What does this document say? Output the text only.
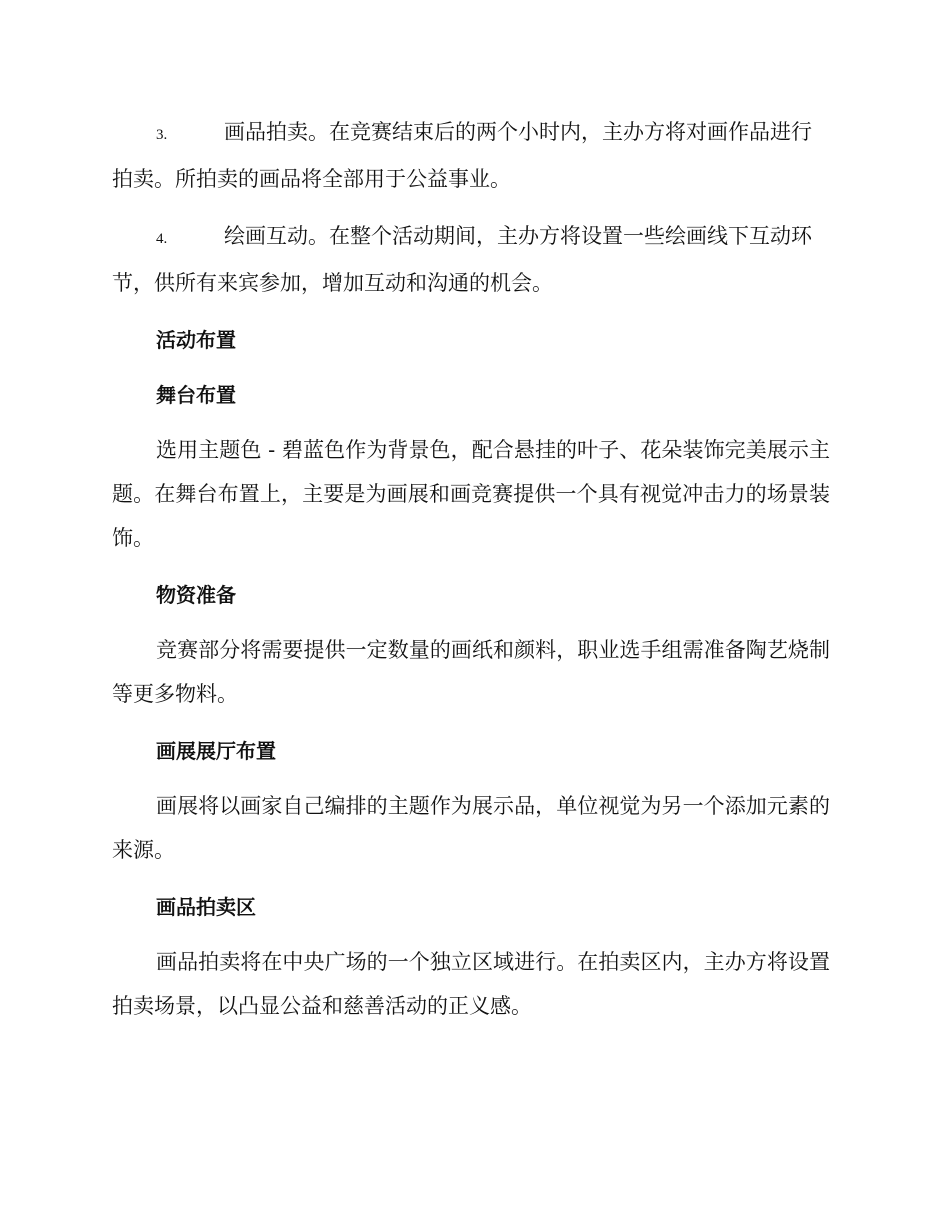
3.	画品拍卖。在竞赛结束后的两个小时内，主办方将对画作品进行拍卖。所拍卖的画品将全部用于公益事业。
4.	绘画互动。在整个活动期间，主办方将设置一些绘画线下互动环节，供所有来宾参加，增加互动和沟通的机会。
活动布置
舞台布置
选用主题色 - 碧蓝色作为背景色，配合悬挂的叶子、花朵装饰完美展示主题。在舞台布置上，主要是为画展和画竞赛提供一个具有视觉冲击力的场景装饰。
物资准备
竞赛部分将需要提供一定数量的画纸和颜料，职业选手组需准备陶艺烧制等更多物料。
画展展厅布置
画展将以画家自己编排的主题作为展示品，单位视觉为另一个添加元素的来源。
画品拍卖区
画品拍卖将在中央广场的一个独立区域进行。在拍卖区内，主办方将设置拍卖场景，以凸显公益和慈善活动的正义感。
